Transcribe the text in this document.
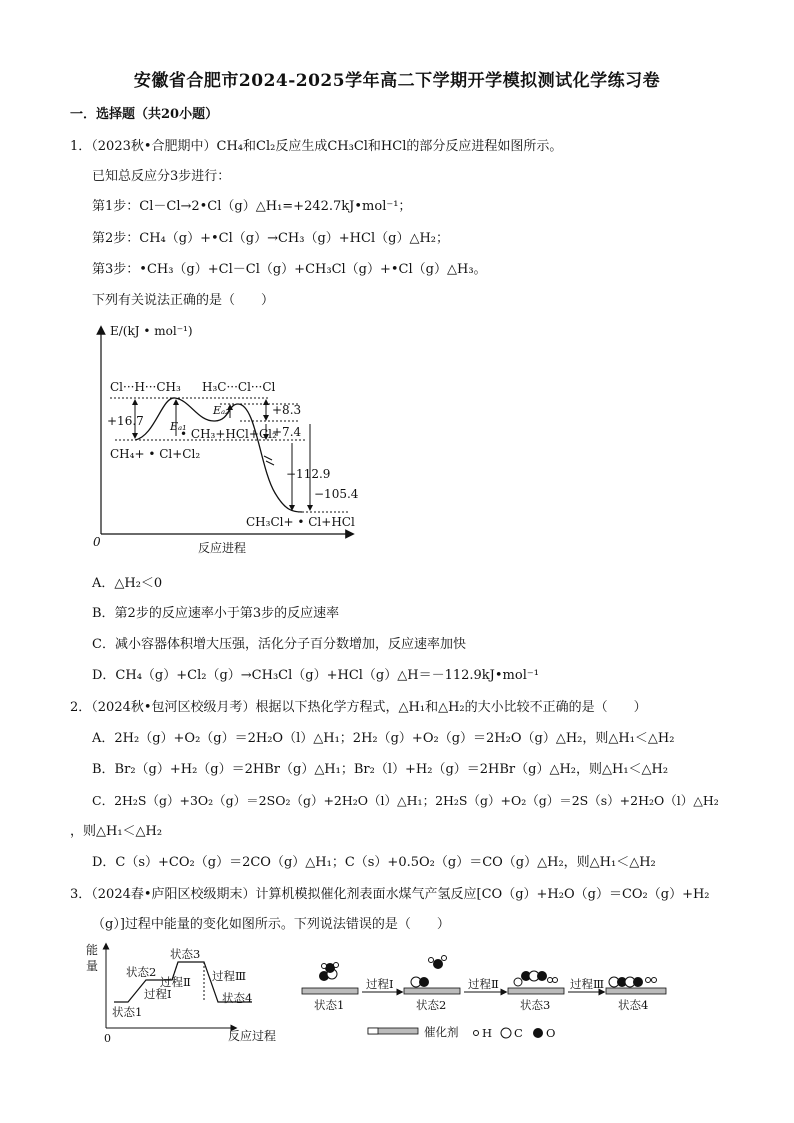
安徽省合肥市2024-2025学年高二下学期开学模拟测试化学练习卷
一．选择题（共20小题）
1．（2023秋•合肥期中）CH₄和Cl₂反应生成CH₃Cl和HCl的部分反应进程如图所示。
已知总反应分3步进行：
第1步：Cl－Cl→2•Cl（g）△H₁=+242.7kJ•mol⁻¹；
第2步：CH₄（g）+•Cl（g）→CH₃（g）+HCl（g）△H₂；
第3步：•CH₃（g）+Cl－Cl（g）+CH₃Cl（g）+•Cl（g）△H₃。
下列有关说法正确的是（　　）
E/(kJ • mol⁻¹)
0	反应进程
Cl···H···CH₃ H₃C···Cl···Cl
+16.7 Eₐ₁
Eₐ₂	+8.3
+7.4
• CH₃+HCl+Cl₂
CH₄+ • Cl+Cl₂
−112.9
−105.4
CH₃Cl+ • Cl+HCl
A．△H₂＜0
B．第2步的反应速率小于第3步的反应速率
C．减小容器体积增大压强，活化分子百分数增加，反应速率加快
D．CH₄（g）+Cl₂（g）→CH₃Cl（g）+HCl（g）△H＝－112.9kJ•mol⁻¹
2．（2024秋•包河区校级月考）根据以下热化学方程式，△H₁和△H₂的大小比较不正确的是（　　）
A．2H₂（g）+O₂（g）＝2H₂O（l）△H₁；2H₂（g）+O₂（g）＝2H₂O（g）△H₂，则△H₁＜△H₂
B．Br₂（g）+H₂（g）＝2HBr（g）△H₁；Br₂（l）+H₂（g）＝2HBr（g）△H₂，则△H₁＜△H₂
C．2H₂S（g）+3O₂（g）＝2SO₂（g）+2H₂O（l）△H₁；2H₂S（g）+O₂（g）＝2S（s）+2H₂O（l）△H₂
，则△H₁＜△H₂
D．C（s）+CO₂（g）＝2CO（g）△H₁；C（s）+0.5O₂（g）＝CO（g）△H₂，则△H₁＜△H₂
3．（2024春•庐阳区校级期末）计算机模拟催化剂表面水煤气产氢反应[CO（g）+H₂O（g）＝CO₂（g）+H₂
（g）]过程中能量的变化如图所示。下列说法错误的是（　　）
能
量
0	反应过程
状态1
状态2
状态3
状态4
过程Ⅰ
过程Ⅱ 过程Ⅲ
过程Ⅰ	过程Ⅱ	过程Ⅲ
状态1	状态2	状态3	状态4
催化剂 H C O
